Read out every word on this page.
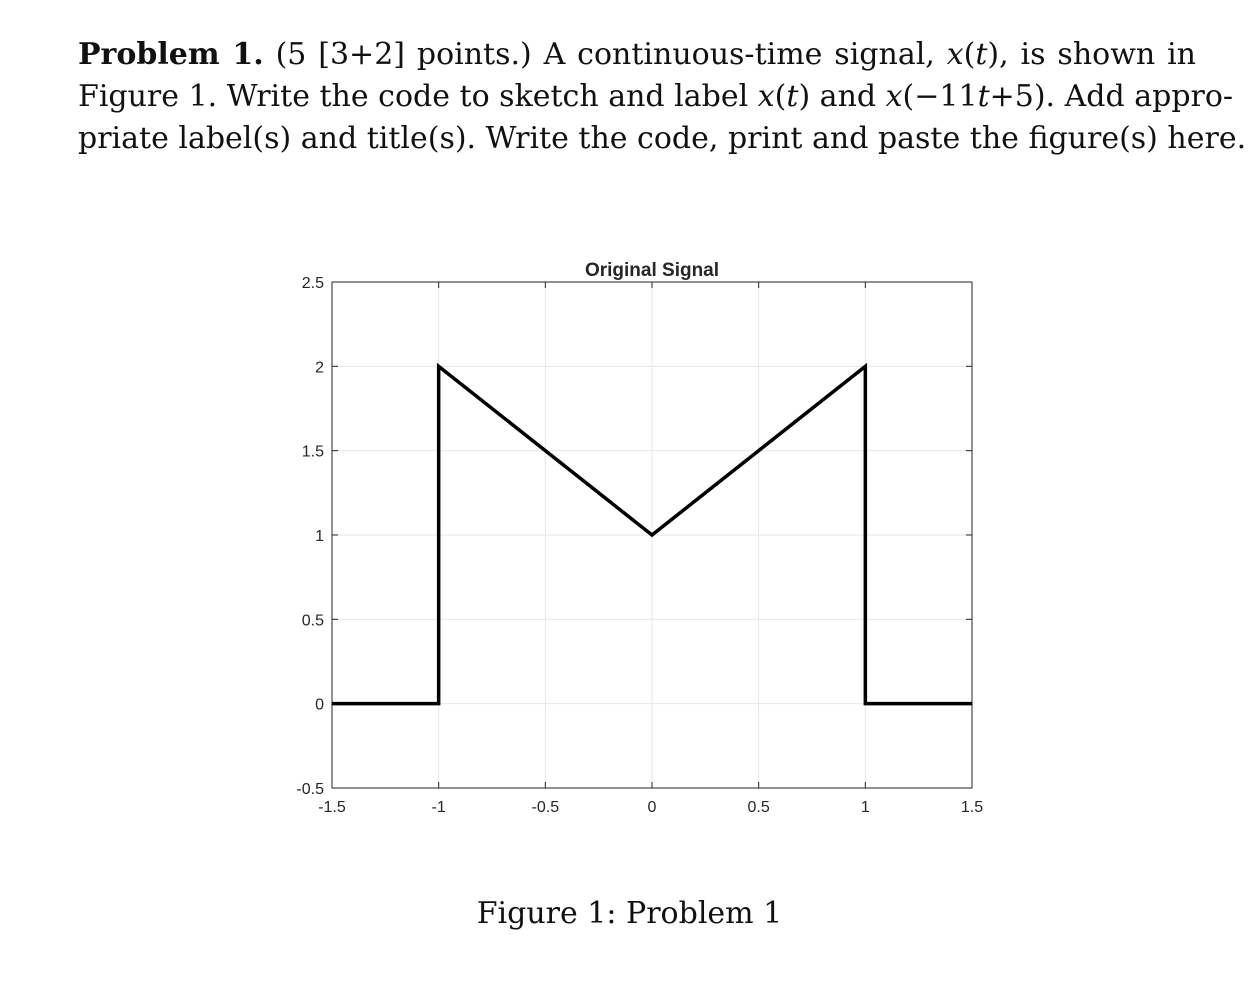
Problem 1. (5 [3+2] points.) A continuous-time signal, x(t), is shown in
Figure 1. Write the code to sketch and label x(t) and x(−11t+5). Add appro-
priate label(s) and title(s). Write the code, print and paste the figure(s) here.
-1.5	-1	-0.5	0	0.5	1	1.5
-0.5
0
0.5
1
1.5
2
2.5
Original Signal
Figure 1: Problem 1
